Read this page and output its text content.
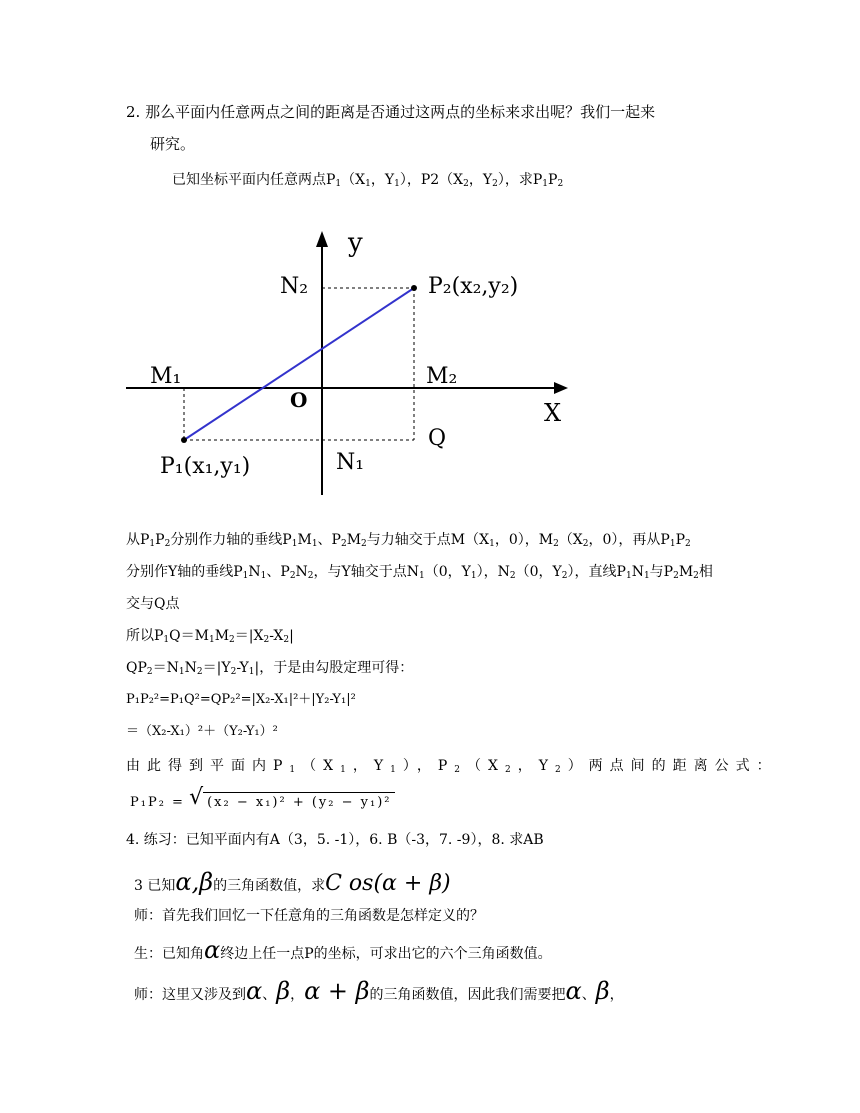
2. 那么平面内任意两点之间的距离是否通过这两点的坐标来求出呢？我们一起来
研究。
已知坐标平面内任意两点$P_1(X_1$，$Y_1$），$P2(X_2$，$Y_2$），求$P_1P_2$
y
X
O
N₂	P₂(x₂,y₂)
M₁	M₂
Q
P₁(x₁,y₁)	N₁
从$P_1P_2$分别作力轴的垂线$P_1M_1$、$P_2M_2$与力轴交于点$M(X_1$，0），$M_2(X_2$，0），再从$P_1P_2$
分别作Y轴的垂线$P_1N_1$、$P_2N_2$，与Y轴交于点$N_1(0$，$Y_1$），$N_2(0$，$Y_2$），直线$P_1N_1$与$P_2M_2$相
交与Q点
所以$P_1Q=M_1M_2=|X_2-X_2|$
$QP_2=N_1N_2=|Y_2-Y_1|$，于是由勾股定理可得：
P₁P₂²=P₁Q²=QP₂²=|X₂-X₁|²＋|Y₂-Y₁|²
＝（X₂-X₁）²＋（Y₂-Y₁）²
由此得到平面内$P_1(X_1$，$Y_1$），$P_2(X_2$，$Y_2$）两点间的距离公式：
P₁P₂ = √ (x₂ − x₁)² + (y₂ − y₁)²
4. 练习：已知平面内有A（3，5. -1），6. B（-3，7. -9），8. 求AB
3 已知α,β的三角函数值，求C os(α + β)
师：首先我们回忆一下任意角的三角函数是怎样定义的？
生：已知角α终边上任一点P的坐标，可求出它的六个三角函数值。
师：这里又涉及到α、β，α + β的三角函数值，因此我们需要把α、β，
